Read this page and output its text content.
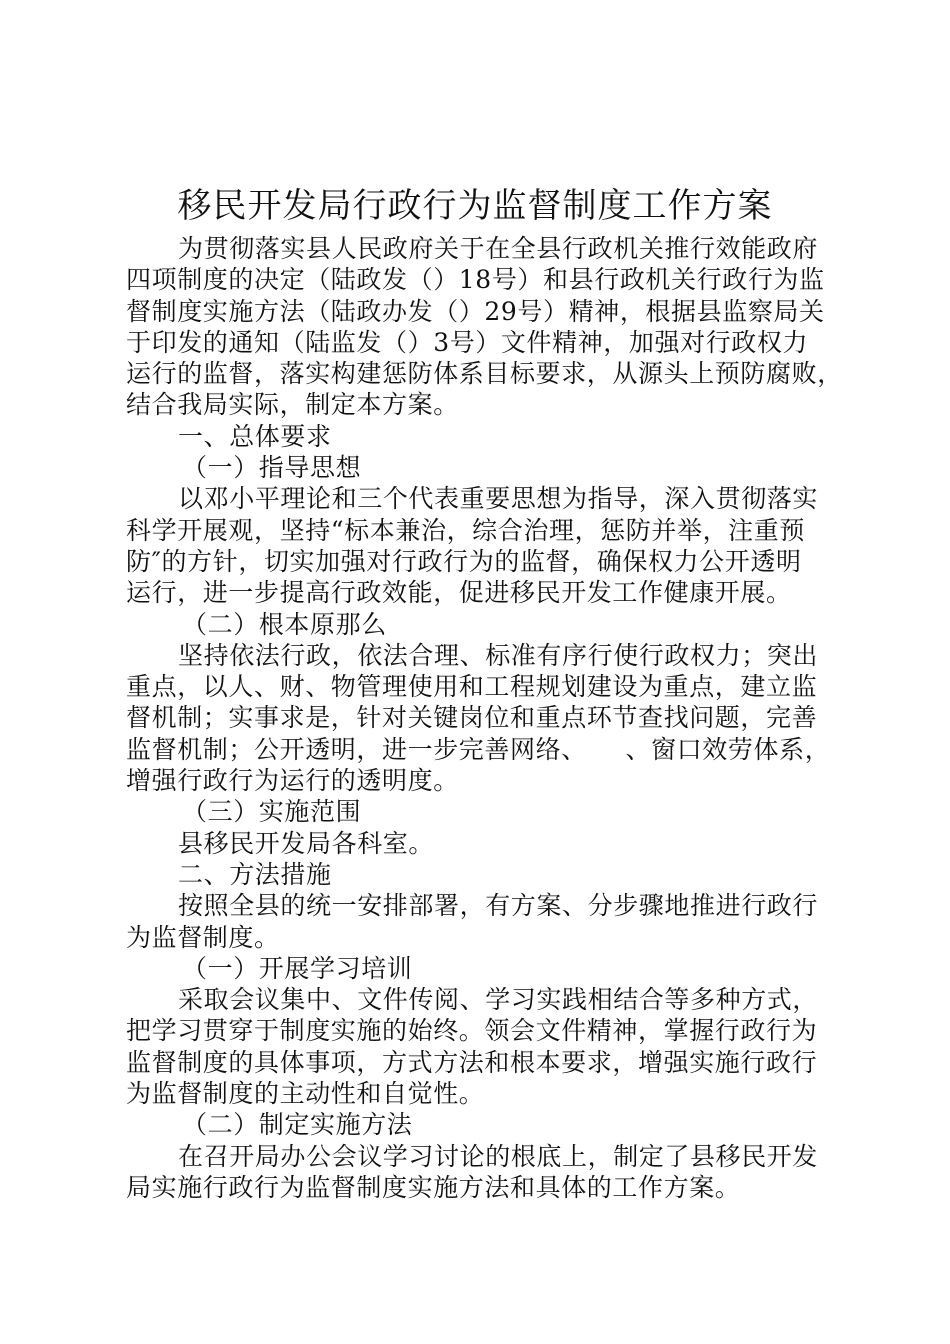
移民开发局行政行为监督制度工作方案
为贯彻落实县人民政府关于在全县行政机关推行效能政府
四项制度的决定（陆政发（）18号）和县行政机关行政行为监
督制度实施方法（陆政办发（）29号）精神，根据县监察局关
于印发的通知（陆监发（）3号）文件精神，加强对行政权力
运行的监督，落实构建惩防体系目标要求，从源头上预防腐败，
结合我局实际，制定本方案。
一、总体要求
（一）指导思想
以邓小平理论和三个代表重要思想为指导，深入贯彻落实
科学开展观，坚持“标本兼治，综合治理，惩防并举，注重预
防″的方针，切实加强对行政行为的监督，确保权力公开透明
运行，进一步提高行政效能，促进移民开发工作健康开展。
（二）根本原那么
坚持依法行政，依法合理、标准有序行使行政权力；突出
重点，以人、财、物管理使用和工程规划建设为重点，建立监
督机制；实事求是，针对关键岗位和重点环节查找问题，完善
监督机制；公开透明，进一步完善网络、　　、窗口效劳体系，
增强行政行为运行的透明度。
（三）实施范围
县移民开发局各科室。
二、方法措施
按照全县的统一安排部署，有方案、分步骤地推进行政行
为监督制度。
（一）开展学习培训
采取会议集中、文件传阅、学习实践相结合等多种方式，
把学习贯穿于制度实施的始终。领会文件精神，掌握行政行为
监督制度的具体事项，方式方法和根本要求，增强实施行政行
为监督制度的主动性和自觉性。
（二）制定实施方法
在召开局办公会议学习讨论的根底上，制定了县移民开发
局实施行政行为监督制度实施方法和具体的工作方案。
